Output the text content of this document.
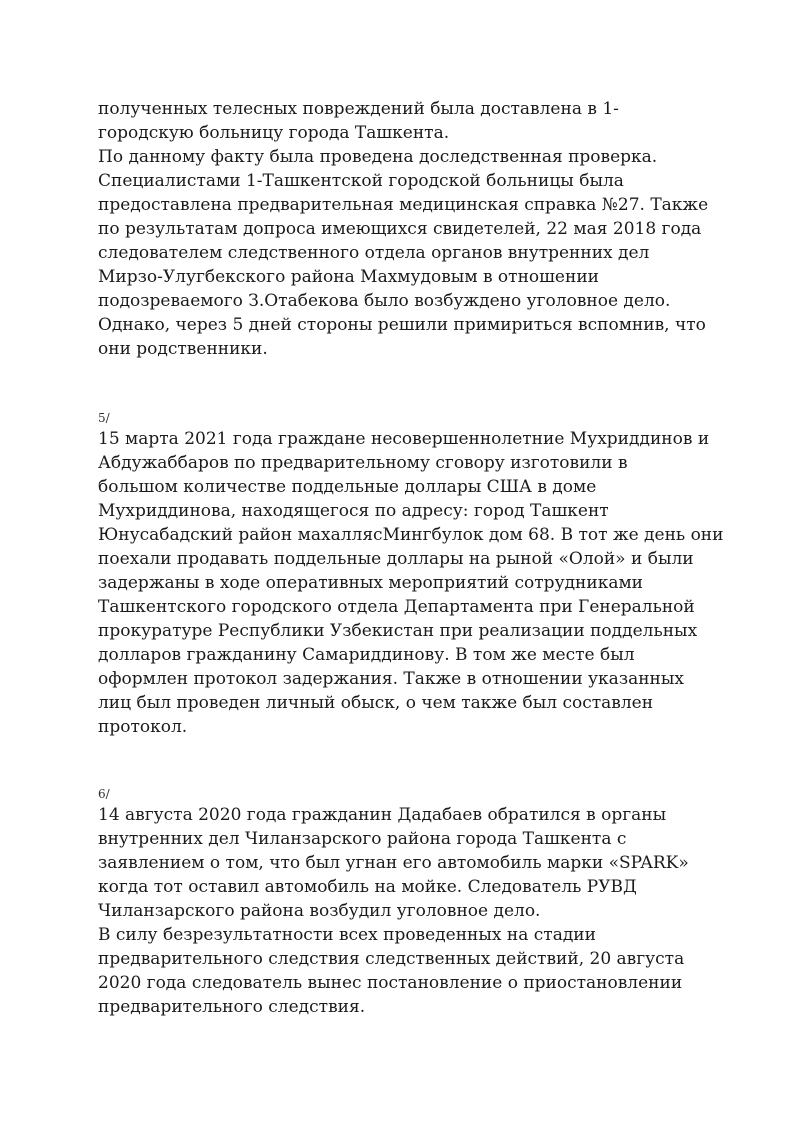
полученных телесных повреждений была доставлена в 1-
городскую больницу города Ташкента.
По данному факту была проведена доследственная проверка.
Специалистами 1-Ташкентской городской больницы была
предоставлена предварительная медицинская справка №27. Также
по результатам допроса имеющихся свидетелей, 22 мая 2018 года
следователем следственного отдела органов внутренних дел
Мирзо-Улугбекского района Махмудовым в отношении
подозреваемого З.Отабекова было возбуждено уголовное дело.
Однако, через 5 дней стороны решили примириться вспомнив, что
они родственники.
5/
15 марта 2021 года граждане несовершеннолетние Мухриддинов и
Абдужаббаров по предварительному сговору изготовили в
большом количестве поддельные доллары США в доме
Мухриддинова, находящегося по адресу: город Ташкент
Юнусабадский район махаллясМингбулок дом 68. В тот же день они
поехали продавать поддельные доллары на рыной «Олой» и были
задержаны в ходе оперативных мероприятий сотрудниками
Ташкентского городского отдела Департамента при Генеральной
прокуратуре Республики Узбекистан при реализации поддельных
долларов гражданину Самариддинову. В том же месте был
оформлен протокол задержания. Также в отношении указанных
лиц был проведен личный обыск, о чем также был составлен
протокол.
6/
14 августа 2020 года гражданин Дадабаев обратился в органы
внутренних дел Чиланзарского района города Ташкента с
заявлением о том, что был угнан его автомобиль марки «SPARK»
когда тот оставил автомобиль на мойке. Следователь РУВД
Чиланзарского района возбудил уголовное дело.
В силу безрезультатности всех проведенных на стадии
предварительного следствия следственных действий, 20 августа
2020 года следователь вынес постановление о приостановлении
предварительного следствия.
